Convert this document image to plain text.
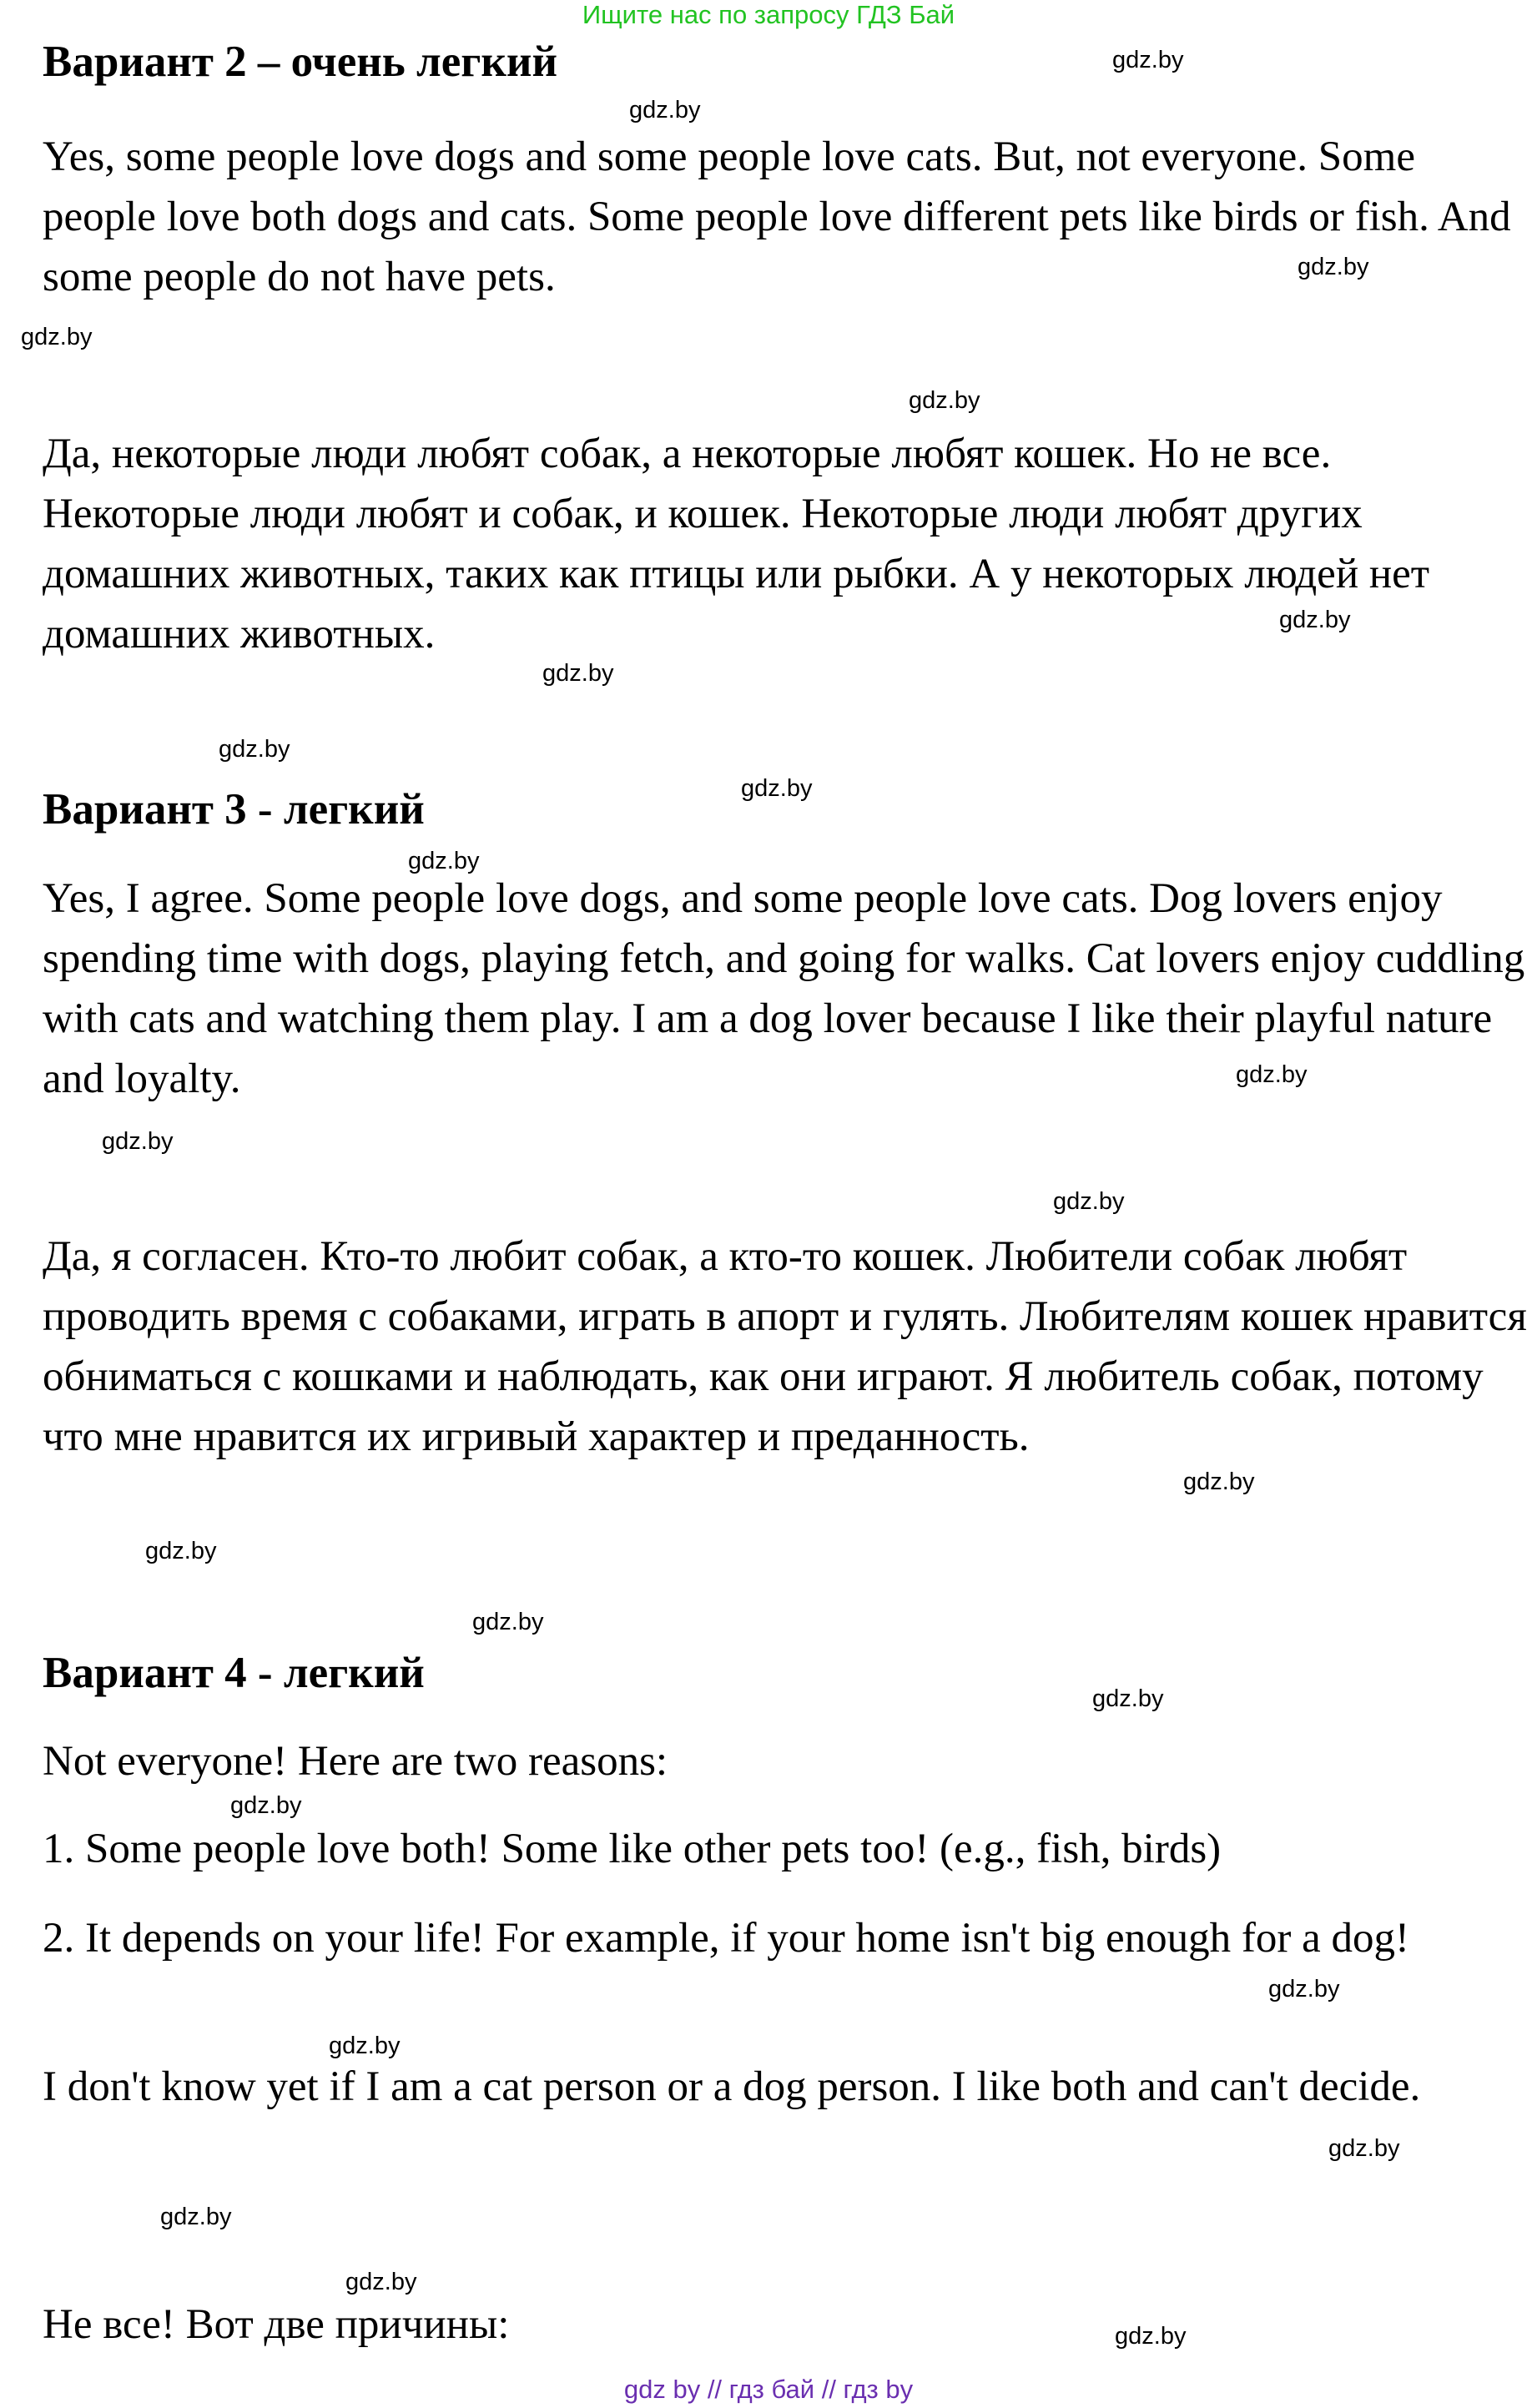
Ищите нас по запросу ГДЗ Бай
Вариант 2 – очень легкий

Yes, some people love dogs and some people love cats. But, not everyone. Some people love both dogs and cats. Some people love different pets like birds or fish. And some people do not have pets.

Да, некоторые люди любят собак, а некоторые любят кошек. Но не все. Некоторые люди любят и собак, и кошек. Некоторые люди любят других домашних животных, таких как птицы или рыбки. А у некоторых людей нет домашних животных.

Вариант 3 - легкий

Yes, I agree. Some people love dogs, and some people love cats. Dog lovers enjoy spending time with dogs, playing fetch, and going for walks. Cat lovers enjoy cuddling with cats and watching them play. I am a dog lover because I like their playful nature and loyalty.

Да, я согласен. Кто-то любит собак, а кто-то кошек. Любители собак любят проводить время с собаками, играть в апорт и гулять. Любителям кошек нравится обниматься с кошками и наблюдать, как они играют. Я любитель собак, потому что мне нравится их игривый характер и преданность.

Вариант 4 - легкий

Not everyone! Here are two reasons:

1. Some people love both! Some like other pets too! (e.g., fish, birds)

2. It depends on your life! For example, if your home isn't big enough for a dog!

I don't know yet if I am a cat person or a dog person. I like both and can't decide.

Не все! Вот две причины:

gdz.by
gdz.by
gdz.by
gdz.by
gdz.by
gdz.by
gdz.by
gdz.by
gdz.by
gdz.by
gdz.by
gdz.by
gdz.by
gdz.by
gdz.by
gdz.by
gdz.by
gdz.by
gdz.by
gdz.by
gdz.by
gdz.by
gdz.by
gdz.by
gdz by // гдз бай // гдз by
